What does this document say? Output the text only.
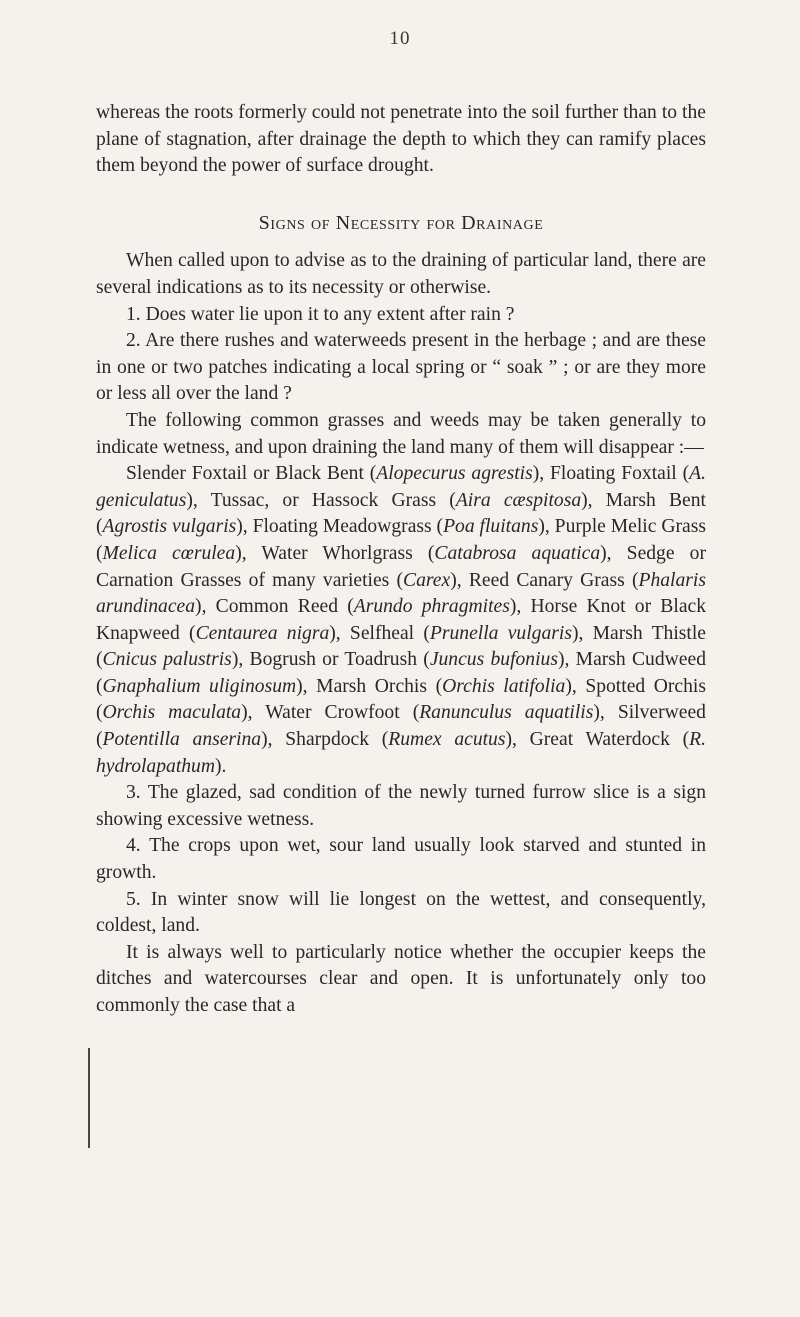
10

whereas the roots formerly could not penetrate into the soil further than to the plane of stagnation, after drainage the depth to which they can ramify places them beyond the power of surface drought.

Signs of Necessity for Drainage

When called upon to advise as to the draining of particular land, there are several indications as to its necessity or otherwise.

1. Does water lie upon it to any extent after rain ?

2. Are there rushes and waterweeds present in the herbage ; and are these in one or two patches indicating a local spring or “ soak ” ; or are they more or less all over the land ?

The following common grasses and weeds may be taken generally to indicate wetness, and upon draining the land many of them will disappear :—

Slender Foxtail or Black Bent (Alopecurus agrestis), Floating Foxtail (A. geniculatus), Tussac, or Hassock Grass (Aira cæspitosa), Marsh Bent (Agrostis vulgaris), Floating Meadowgrass (Poa fluitans), Purple Melic Grass (Melica cœrulea), Water Whorlgrass (Catabrosa aquatica), Sedge or Carnation Grasses of many varieties (Carex), Reed Canary Grass (Phalaris arundinacea), Common Reed (Arundo phragmites), Horse Knot or Black Knapweed (Centaurea nigra), Selfheal (Prunella vulgaris), Marsh Thistle (Cnicus palustris), Bogrush or Toadrush (Juncus bufonius), Marsh Cudweed (Gnaphalium uliginosum), Marsh Orchis (Orchis latifolia), Spotted Orchis (Orchis maculata), Water Crowfoot (Ranunculus aquatilis), Silverweed (Potentilla anserina), Sharpdock (Rumex acutus), Great Waterdock (R. hydrolapathum).

3. The glazed, sad condition of the newly turned furrow slice is a sign showing excessive wetness.

4. The crops upon wet, sour land usually look starved and stunted in growth.

5. In winter snow will lie longest on the wettest, and consequently, coldest, land.

It is always well to particularly notice whether the occupier keeps the ditches and watercourses clear and open. It is unfortunately only too commonly the case that a
